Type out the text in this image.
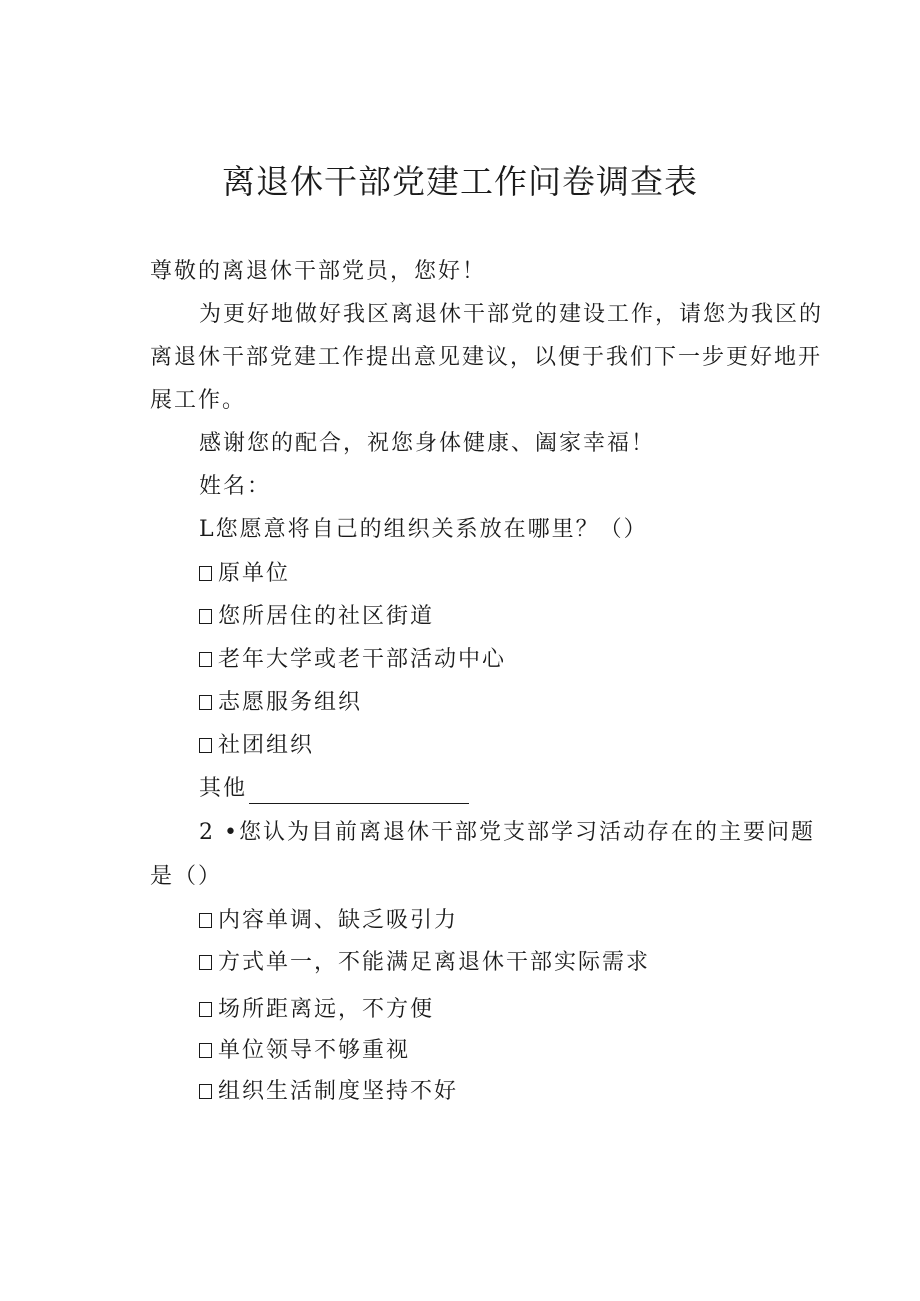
离退休干部党建工作问卷调查表

尊敬的离退休干部党员，您好！

为更好地做好我区离退休干部党的建设工作，请您为我区的

离退休干部党建工作提出意见建议，以便于我们下一步更好地开

展工作。

感谢您的配合，祝您身体健康、阖家幸福！

姓名：

L您愿意将自己的组织关系放在哪里？（）

原单位

您所居住的社区街道

老年大学或老干部活动中心

志愿服务组织

社团组织

其他

2 •您认为目前离退休干部党支部学习活动存在的主要问题

是（）

内容单调、缺乏吸引力

方式单一，不能满足离退休干部实际需求

场所距离远，不方便

单位领导不够重视

组织生活制度坚持不好
